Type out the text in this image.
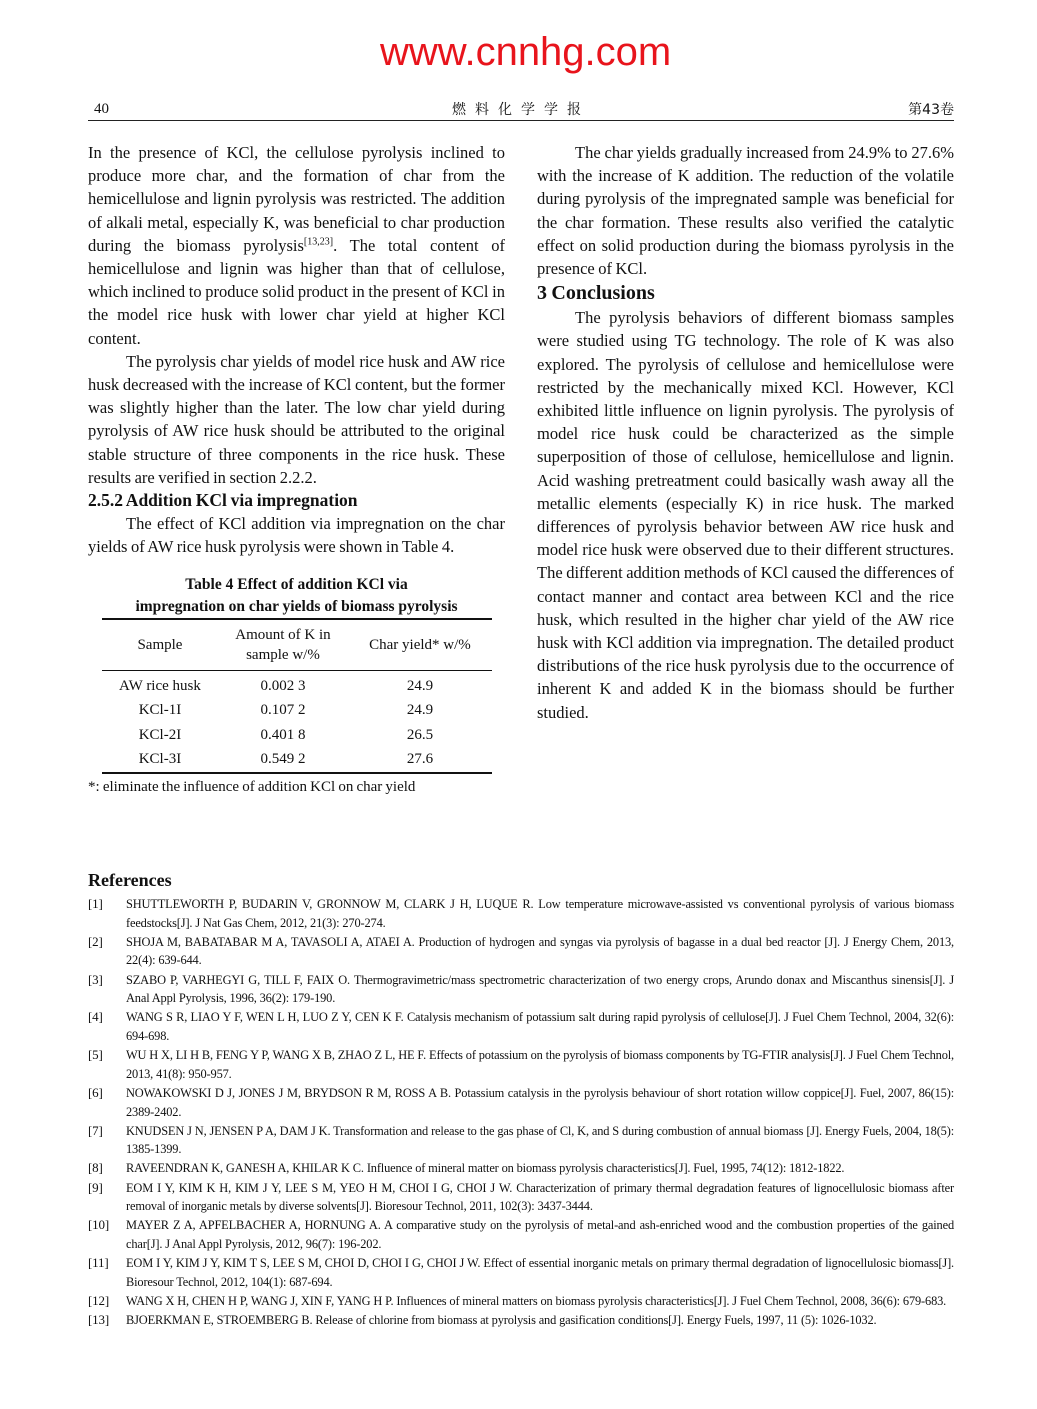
www.cnnhg.com
40	燃料化学学报	第43卷

In the presence of KCl, the cellulose pyrolysis inclined to produce more char, and the formation of char from the hemicellulose and lignin pyrolysis was restricted. The addition of alkali metal, especially K, was beneficial to char production during the biomass pyrolysis[13,23]. The total content of hemicellulose and lignin was higher than that of cellulose, which inclined to produce solid product in the present of KCl in the model rice husk with lower char yield at higher KCl content.

The pyrolysis char yields of model rice husk and AW rice husk decreased with the increase of KCl content, but the former was slightly higher than the later. The low char yield during pyrolysis of AW rice husk should be attributed to the original stable structure of three components in the rice husk. These results are verified in section 2.2.2.

2.5.2 Addition KCl via impregnation

The effect of KCl addition via impregnation on the char yields of AW rice husk pyrolysis were shown in Table 4.

Table 4 Effect of addition KCl via
impregnation on char yields of biomass pyrolysis
Sample	Amount of K in sample w/%	Char yield* w/%
AW rice husk	0.002 3	24.9
KCl-1I	0.107 2	24.9
KCl-2I	0.401 8	26.5
KCl-3I	0.549 2	27.6
*: eliminate the influence of addition KCl on char yield

The char yields gradually increased from 24.9% to 27.6% with the increase of K addition. The reduction of the volatile during pyrolysis of the impregnated sample was beneficial for the char formation. These results also verified the catalytic effect on solid production during the biomass pyrolysis in the presence of KCl.

3 Conclusions

The pyrolysis behaviors of different biomass samples were studied using TG technology. The role of K was also explored. The pyrolysis of cellulose and hemicellulose were restricted by the mechanically mixed KCl. However, KCl exhibited little influence on lignin pyrolysis. The pyrolysis of model rice husk could be characterized as the simple superposition of those of cellulose, hemicellulose and lignin. Acid washing pretreatment could basically wash away all the metallic elements (especially K) in rice husk. The marked differences of pyrolysis behavior between AW rice husk and model rice husk were observed due to their different structures. The different addition methods of KCl caused the differences of contact manner and contact area between KCl and the rice husk, which resulted in the higher char yield of the AW rice husk with KCl addition via impregnation. The detailed product distributions of the rice husk pyrolysis due to the occurrence of inherent K and added K in the biomass should be further studied.

References
[1] SHUTTLEWORTH P, BUDARIN V, GRONNOW M, CLARK J H, LUQUE R. Low temperature microwave-assisted vs conventional pyrolysis of various biomass feedstocks[J]. J Nat Gas Chem, 2012, 21(3): 270-274.
[2] SHOJA M, BABATABAR M A, TAVASOLI A, ATAEI A. Production of hydrogen and syngas via pyrolysis of bagasse in a dual bed reactor [J]. J Energy Chem, 2013, 22(4): 639-644.
[3] SZABO P, VARHEGYI G, TILL F, FAIX O. Thermogravimetric/mass spectrometric characterization of two energy crops, Arundo donax and Miscanthus sinensis[J]. J Anal Appl Pyrolysis, 1996, 36(2): 179-190.
[4] WANG S R, LIAO Y F, WEN L H, LUO Z Y, CEN K F. Catalysis mechanism of potassium salt during rapid pyrolysis of cellulose[J]. J Fuel Chem Technol, 2004, 32(6): 694-698.
[5] WU H X, LI H B, FENG Y P, WANG X B, ZHAO Z L, HE F. Effects of potassium on the pyrolysis of biomass components by TG-FTIR analysis[J]. J Fuel Chem Technol, 2013, 41(8): 950-957.
[6] NOWAKOWSKI D J, JONES J M, BRYDSON R M, ROSS A B. Potassium catalysis in the pyrolysis behaviour of short rotation willow coppice[J]. Fuel, 2007, 86(15): 2389-2402.
[7] KNUDSEN J N, JENSEN P A, DAM J K. Transformation and release to the gas phase of Cl, K, and S during combustion of annual biomass [J]. Energy Fuels, 2004, 18(5): 1385-1399.
[8] RAVEENDRAN K, GANESH A, KHILAR K C. Influence of mineral matter on biomass pyrolysis characteristics[J]. Fuel, 1995, 74(12): 1812-1822.
[9] EOM I Y, KIM K H, KIM J Y, LEE S M, YEO H M, CHOI I G, CHOI J W. Characterization of primary thermal degradation features of lignocellulosic biomass after removal of inorganic metals by diverse solvents[J]. Bioresour Technol, 2011, 102(3): 3437-3444.
[10] MAYER Z A, APFELBACHER A, HORNUNG A. A comparative study on the pyrolysis of metal-and ash-enriched wood and the combustion properties of the gained char[J]. J Anal Appl Pyrolysis, 2012, 96(7): 196-202.
[11] EOM I Y, KIM J Y, KIM T S, LEE S M, CHOI D, CHOI I G, CHOI J W. Effect of essential inorganic metals on primary thermal degradation of lignocellulosic biomass[J]. Bioresour Technol, 2012, 104(1): 687-694.
[12] WANG X H, CHEN H P, WANG J, XIN F, YANG H P. Influences of mineral matters on biomass pyrolysis characteristics[J]. J Fuel Chem Technol, 2008, 36(6): 679-683.
[13] BJOERKMAN E, STROEMBERG B. Release of chlorine from biomass at pyrolysis and gasification conditions[J]. Energy Fuels, 1997, 11 (5): 1026-1032.
